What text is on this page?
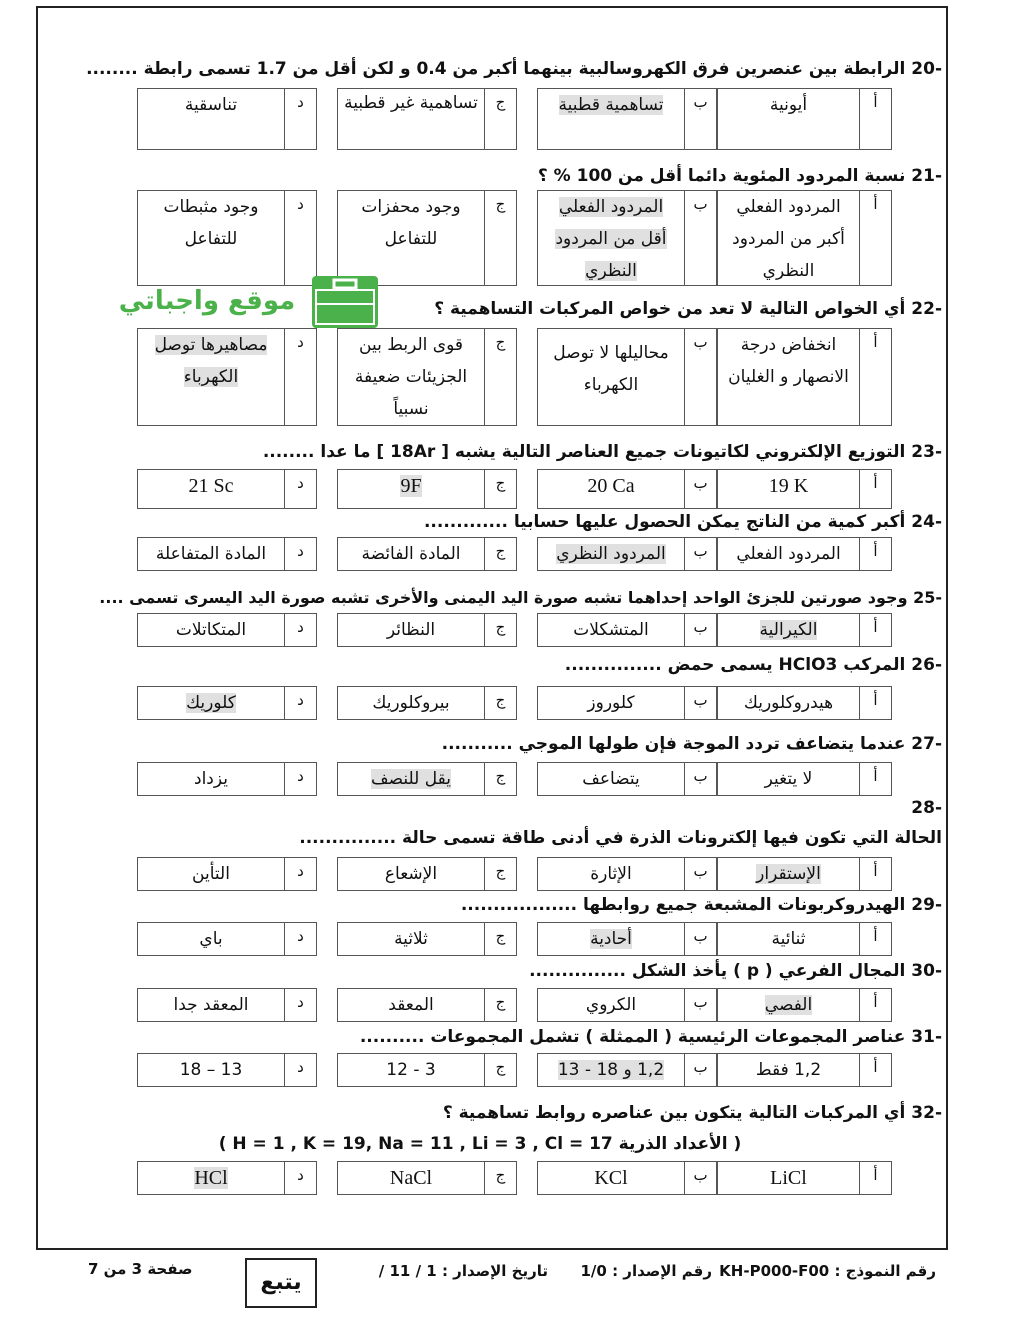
-20 الرابطة بين عنصرين فرق الكهروسالبية بينهما أكبر من 0.4 و لكن أقل من 1.7 تسمى رابطة ........
أ
أيونية
ب
تساهمية قطبية
ج
تساهمية غير قطبية
د
تناسقية
-21 نسبة المردود المئوية دائما أقل من 100 % ؟
أ
المردود الفعلي أكبر من المردود النظري
ب
المردود الفعلي أقل من المردود النظري
ج
وجود محفزات للتفاعل
د
وجود مثبطات للتفاعل
موقع واجباتي	-22 أي الخواص التالية لا تعد من خواص المركبات التساهمية ؟
أ
انخفاض درجة الانصهار و الغليان
ب
محاليلها لا توصل الكهرباء
ج
قوى الربط بين الجزيئات ضعيفة نسبياً
د
مصاهيرها توصل الكهرباء
-23 التوزيع الإلكتروني لكاتيونات جميع العناصر التالية يشبه [ 18Ar ] ما عدا ........
أ
19 K
ب
20 Ca
ج
9F
د
21 Sc
-24 أكبر كمية من الناتج يمكن الحصول عليها حسابيا .............
أ
المردود الفعلي
ب
المردود النظري
ج
المادة الفائضة
د
المادة المتفاعلة
-25 وجود صورتين للجزئ الواحد إحداهما تشبه صورة اليد اليمنى والأخرى تشبه صورة اليد اليسرى تسمى ....
أ
الكيرالية
ب
المتشكلات
ج
النظائر
د
المتكاتلات
-26 المركب HClO3 يسمى حمض ...............
أ
هيدروكلوريك
ب
كلوروز
ج
بيروكلوريك
د
كلوريك
-27 عندما يتضاعف تردد الموجة فإن طولها الموجي ...........
أ
لا يتغير
ب
يتضاعف
ج
يقل للنصف
د
يزداد
-28
الحالة التي تكون فيها إلكترونات الذرة في أدنى طاقة تسمى حالة ...............
أ
الإستقرار
ب
الإثارة
ج
الإشعاع
د
التأين
-29 الهيدروكربونات المشبعة جميع روابطها ..................
أ
ثنائية
ب
أحادية
ج
ثلاثية
د
باي
-30 المجال الفرعي ( p ) يأخذ الشكل ...............
أ
الفصي
ب
الكروي
ج
المعقد
د
المعقد جدا
-31 عناصر المجموعات الرئيسية ( الممثلة ) تشمل المجموعات ..........
أ
1,2 فقط
ب
1,2 و 18 - 13
ج
3 - 12
د
13 – 18
-32 أي المركبات التالية يتكون بين عناصره روابط تساهمية ؟
( الأعداد الذرية H = 1 , K = 19, Na = 11 , Li = 3 , Cl = 17 )
أ
LiCl
ب
KCl
ج
NaCl
د
HCl
رقم النموذج : KH-P000-F00
رقم الإصدار : 1/0
تاريخ الإصدار : 1 / 11 /
يتبع
صفحة 3 من 7
